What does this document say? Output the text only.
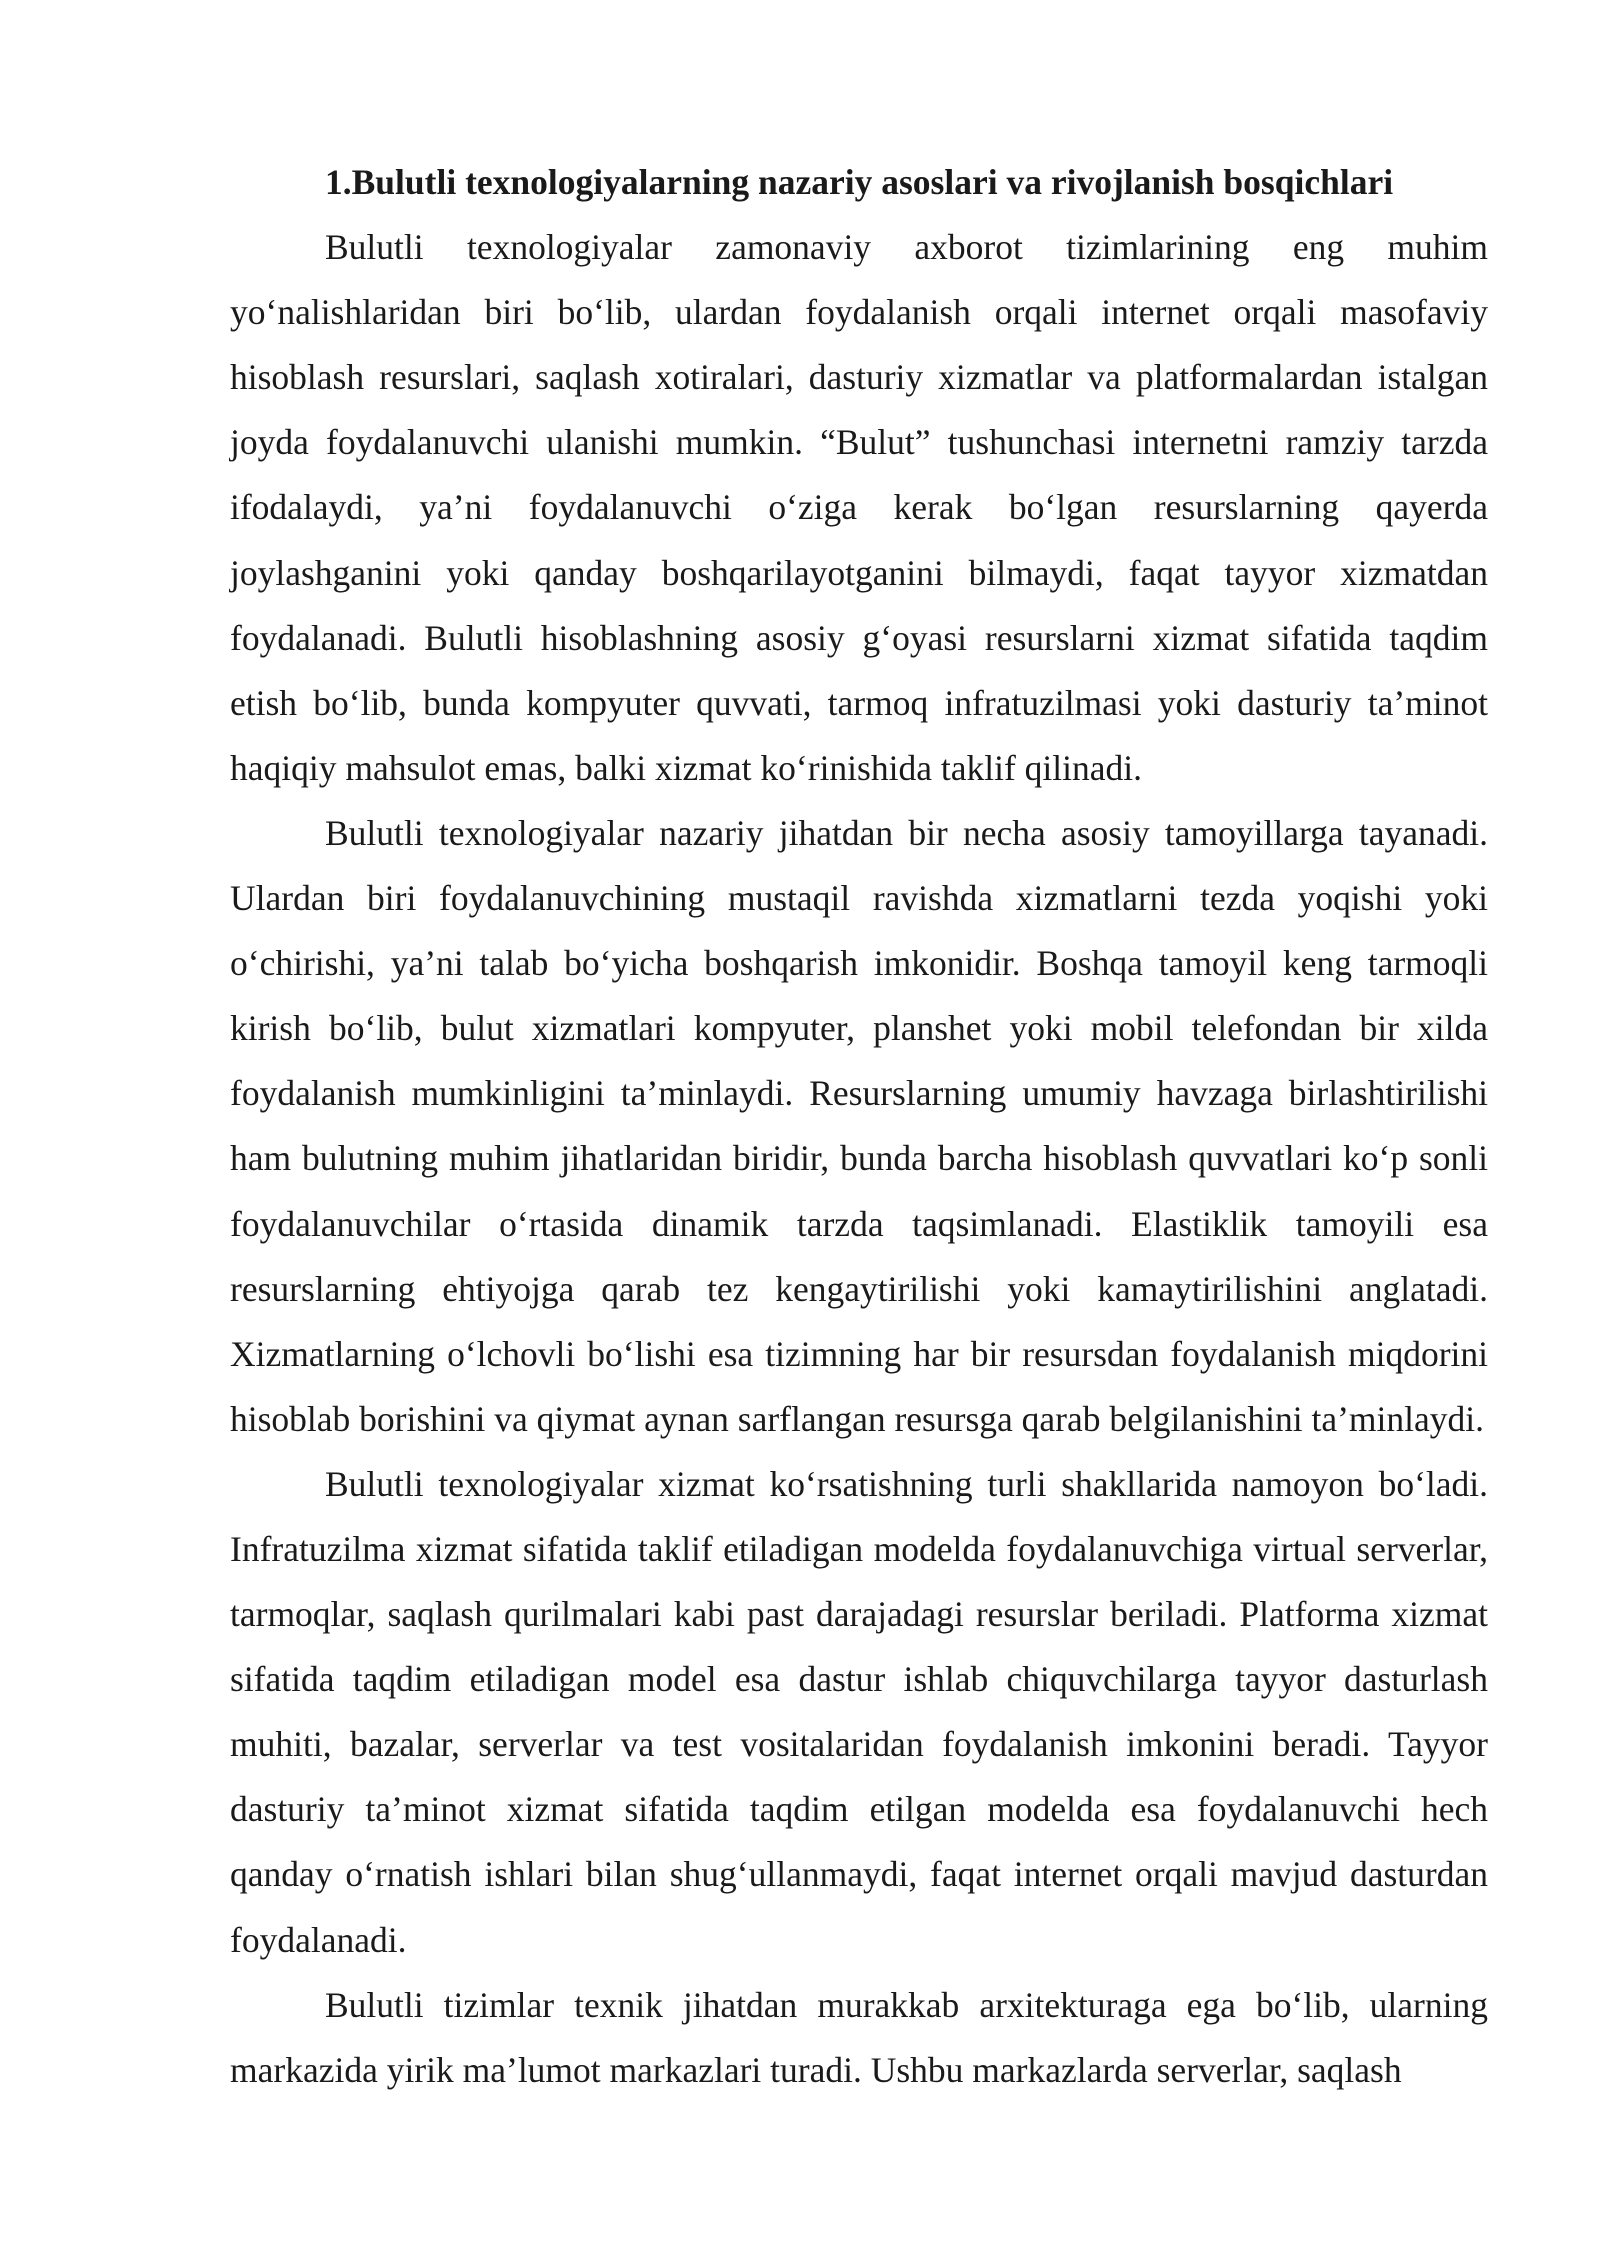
1.Bulutli texnologiyalarning nazariy asoslari va rivojlanish bosqichlari

Bulutli texnologiyalar zamonaviy axborot tizimlarining eng muhim yo‘nalishlaridan biri bo‘lib, ulardan foydalanish orqali internet orqali masofaviy hisoblash resurslari, saqlash xotiralari, dasturiy xizmatlar va platformalardan istalgan joyda foydalanuvchi ulanishi mumkin. “Bulut” tushunchasi internetni ramziy tarzda ifodalaydi, ya’ni foydalanuvchi o‘ziga kerak bo‘lgan resurslarning qayerda joylashganini yoki qanday boshqarilayotganini bilmaydi, faqat tayyor xizmatdan foydalanadi. Bulutli hisoblashning asosiy g‘oyasi resurslarni xizmat sifatida taqdim etish bo‘lib, bunda kompyuter quvvati, tarmoq infratuzilmasi yoki dasturiy ta’minot haqiqiy mahsulot emas, balki xizmat ko‘rinishida taklif qilinadi.

Bulutli texnologiyalar nazariy jihatdan bir necha asosiy tamoyillarga tayanadi. Ulardan biri foydalanuvchining mustaqil ravishda xizmatlarni tezda yoqishi yoki o‘chirishi, ya’ni talab bo‘yicha boshqarish imkonidir. Boshqa tamoyil keng tarmoqli kirish bo‘lib, bulut xizmatlari kompyuter, planshet yoki mobil telefondan bir xilda foydalanish mumkinligini ta’minlaydi. Resurslarning umumiy havzaga birlashtirilishi ham bulutning muhim jihatlaridan biridir, bunda barcha hisoblash quvvatlari ko‘p sonli foydalanuvchilar o‘rtasida dinamik tarzda taqsimlanadi. Elastiklik tamoyili esa resurslarning ehtiyojga qarab tez kengaytirilishi yoki kamaytirilishini anglatadi. Xizmatlarning o‘lchovli bo‘lishi esa tizimning har bir resursdan foydalanish miqdorini hisoblab borishini va qiymat aynan sarflangan resursga qarab belgilanishini ta’minlaydi.

Bulutli texnologiyalar xizmat ko‘rsatishning turli shakllarida namoyon bo‘ladi. Infratuzilma xizmat sifatida taklif etiladigan modelda foydalanuvchiga virtual serverlar, tarmoqlar, saqlash qurilmalari kabi past darajadagi resurslar beriladi. Platforma xizmat sifatida taqdim etiladigan model esa dastur ishlab chiquvchilarga tayyor dasturlash muhiti, bazalar, serverlar va test vositalaridan foydalanish imkonini beradi. Tayyor dasturiy ta’minot xizmat sifatida taqdim etilgan modelda esa foydalanuvchi hech qanday o‘rnatish ishlari bilan shug‘ullanmaydi, faqat internet orqali mavjud dasturdan foydalanadi.

Bulutli tizimlar texnik jihatdan murakkab arxitekturaga ega bo‘lib, ularning markazida yirik ma’lumot markazlari turadi. Ushbu markazlarda serverlar, saqlash
